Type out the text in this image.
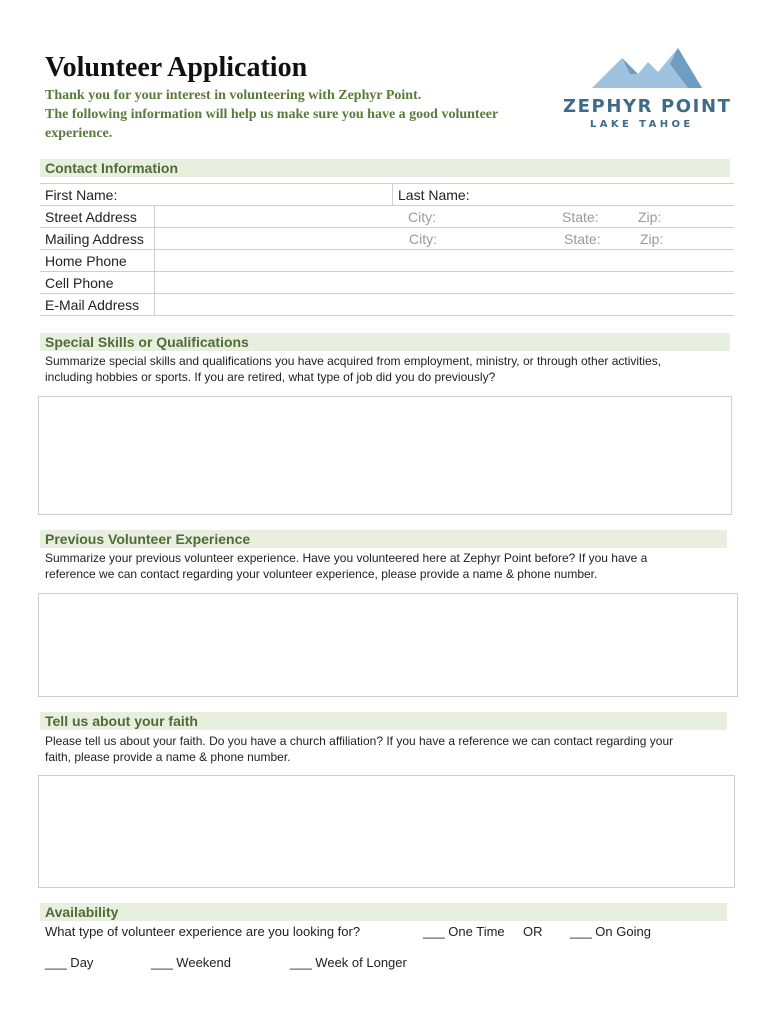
Volunteer Application
Thank you for your interest in volunteering with Zephyr Point.
The following information will help us make sure you have a good volunteer
experience.
ZEPHYR POINT
LAKE TAHOE
Contact Information
First Name:	Last Name:
Street Address	City:	State:	Zip:
Mailing Address	City:	State:	Zip:
Home Phone
Cell Phone
E-Mail Address
Special Skills or Qualifications
Summarize special skills and qualifications you have acquired from employment, ministry, or through other activities,
including hobbies or sports. If you are retired, what type of job did you do previously?
Previous Volunteer Experience
Summarize your previous volunteer experience. Have you volunteered here at Zephyr Point before? If you have a
reference we can contact regarding your volunteer experience, please provide a name & phone number.
Tell us about your faith
Please tell us about your faith. Do you have a church affiliation? If you have a reference we can contact regarding your
faith, please provide a name & phone number.
Availability
What type of volunteer experience are you looking for?	___ One Time OR ___ On Going
___ Day	___ Weekend	___ Week of Longer
